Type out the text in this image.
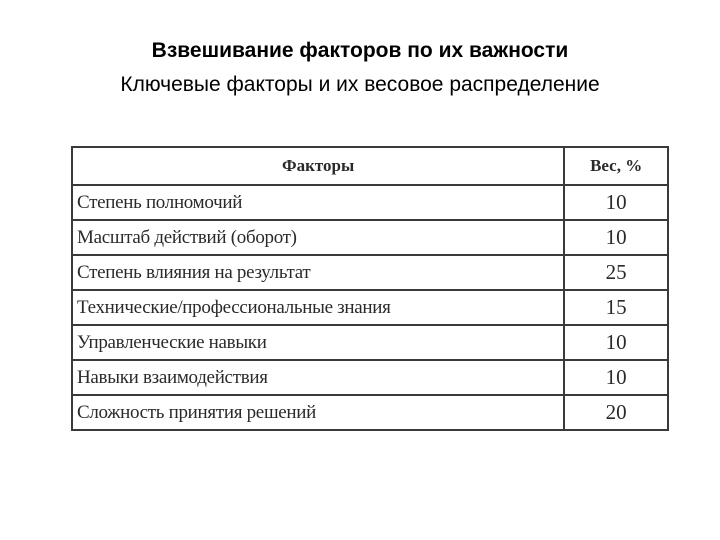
Взвешивание факторов по их важности
Ключевые факторы и их весовое распределение
Факторы	Вес, %
Степень полномочий	10
Масштаб действий (оборот)	10
Степень влияния на результат	25
Технические/профессиональные знания	15
Управленческие навыки	10
Навыки взаимодействия	10
Сложность принятия решений	20
